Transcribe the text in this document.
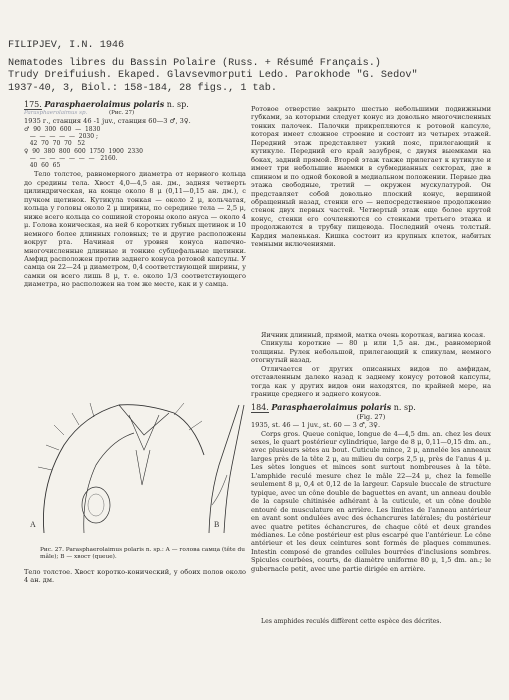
FILIPJEV, I.N. 1946
Nematodes libres du Bassin Polaire (Russ. + Résumé Français.)
Trudy Dreifuiush. Ekaped. Glavsevmorputi Ledo. Parokhode "G. Sedov"
1937-40, 3, Biol.: 158-184, 28 figs., 1 tab.
175. Parasphaerolaimus polaris n. sp.
Parasphaerolaimus sp.	(Рис. 27)
1935 г., станция 46 -1 juv., станция 60—3 ♂, 3♀.
♂  90  300  600  —  1830
—  —  —  —  —  2030 ;
42  70  70  70   52
♀  90  380  800  600  1750  1900  2330
—  —  —  —  —  —  —   2160.
40  60  65

Тело толстое, равномерного диаметра от нервного кольца до средины тела. Хвост 4,0—4,5 ан. дм., задняя четверть цилиндрическая, на конце около 8 μ (0,11—0,15 ан. дм.), с пучком щетинок. Кутикула тонкая — около 2 μ, кольчатая, кольца у головы около 2 μ ширины, по середине тела — 2,5 μ, ниже всего кольца со сошиной стороны около ануса — около 4 μ. Голова коническая, на ней 6 коротких губных щетинок и 10 немного более длинных головных; те и другие расположены вокруг рта. Начиная от уровня конуса напечно-многочисленные длинные и тонкие субцефальные щетинки. Амфид расположен против заднего конуса ротовой капсулы. У самца он 22—24 μ диаметром, 0,4 соответствующей ширины, у самки он всего лишь 8 μ, т. е. около 1/3 соответствующего диаметра, но расположен на том же месте, как и у самца.

A	B
Рис. 27. Parasphaerolaimus polaris n. sp.: A — голова самца (tête du mâle); B — хвост (queue).

Тело толстое. Хвост коротко-конический, у обоих полов около 4 ан. дм.

Ротовое отверстие закрыто шестью небольшими подвижными губками, за которыми следует конус из довольно многочисленных тонких палочек. Палочки прикрепляются к ротовой капсуле, которая имеет сложное строение и состоит из четырех этажей. Передний этаж представляет узкий пояс, прилегающий к кутикуле. Передний его край зазубрен, с двумя выемками на боках, задний прямой. Второй этаж также прилегает к кутикуле и имеет три небольшие выемки в субмедианных секторах, две в спинном и по одной боковой в медиальном положении. Первые два этажа свободные, третий — окружен мускулатурой. Он представляет собой довольно плоский конус, вершиной обращенный назад, стенки его — непосредственное продолжение стенок двух первых частей. Четвертый этаж еще более крутой конус, стенки его сочленяются со стенками третьего этажа и продолжаются в трубку пищевода. Последний очень толстый. Кардия маленькая. Кишка состоит из крупных клеток, набитых темными включениями.

Яичник длинный, прямой, матка очень короткая, вагина косая.

Спикулы короткие — 80 μ или 1,5 ан. дм., равномерной толщины. Рулек небольшой, прилегающий к спикулам, немного отогнутый назад.

Отличается от других описанных видов по амфидам, отставленным далеко назад к заднему конусу ротовой капсулы, тогда как у других видов они находятся, по крайней мере, на границе среднего и заднего конусов.

184. Parasphaerolaimus polaris n. sp.
(Fig. 27)
1935, st. 46 — 1 juv., st. 60 — 3 ♂, 3♀.

Corps gros. Queue conique, longue de 4—4,5 dm. an. chez les deux sexes, le quart postérieur cylindrique, large de 8 μ, 0,11—0,15 dm. an., avec plusieurs sètes au bout. Cuticule mince, 2 μ, annelée les anneaux larges près de la tête 2 μ, au milieu du corps 2,5 μ, près de l'anus 4 μ. Les sètes longues et minces sont surtout nombreuses à la tête. L'amphide reculé mesure chez le mâle 22—24 μ, chez la femelle seulement 8 μ, 0,4 et 0,12 de la largeur. Capsule buccale de structure typique, avec un cône double de baguettes en avant, un anneau double de la capsule chitinisée adhérant à la cuticule, et un cône double entouré de musculature en arrière. Les limites de l'anneau antérieur en avant sont ondulées avec des échancrures latérales; du postérieur avec quatre petites échancrures, de chaque côté et deux grandes médianes. Le cône postérieur est plus escarpé que l'antérieur. Le cône antérieur et les deux ceintures sont formés de plaques communes. Intestin composé de grandes cellules bourrées d'inclusions sombres. Spicules courbées, courts, de diamètre uniforme 80 μ, 1,5 dm. an.; le gubernacle petit, avec une partie dirigée en arrière.

Les amphides reculés diffèrent cette espèce des décrites.
